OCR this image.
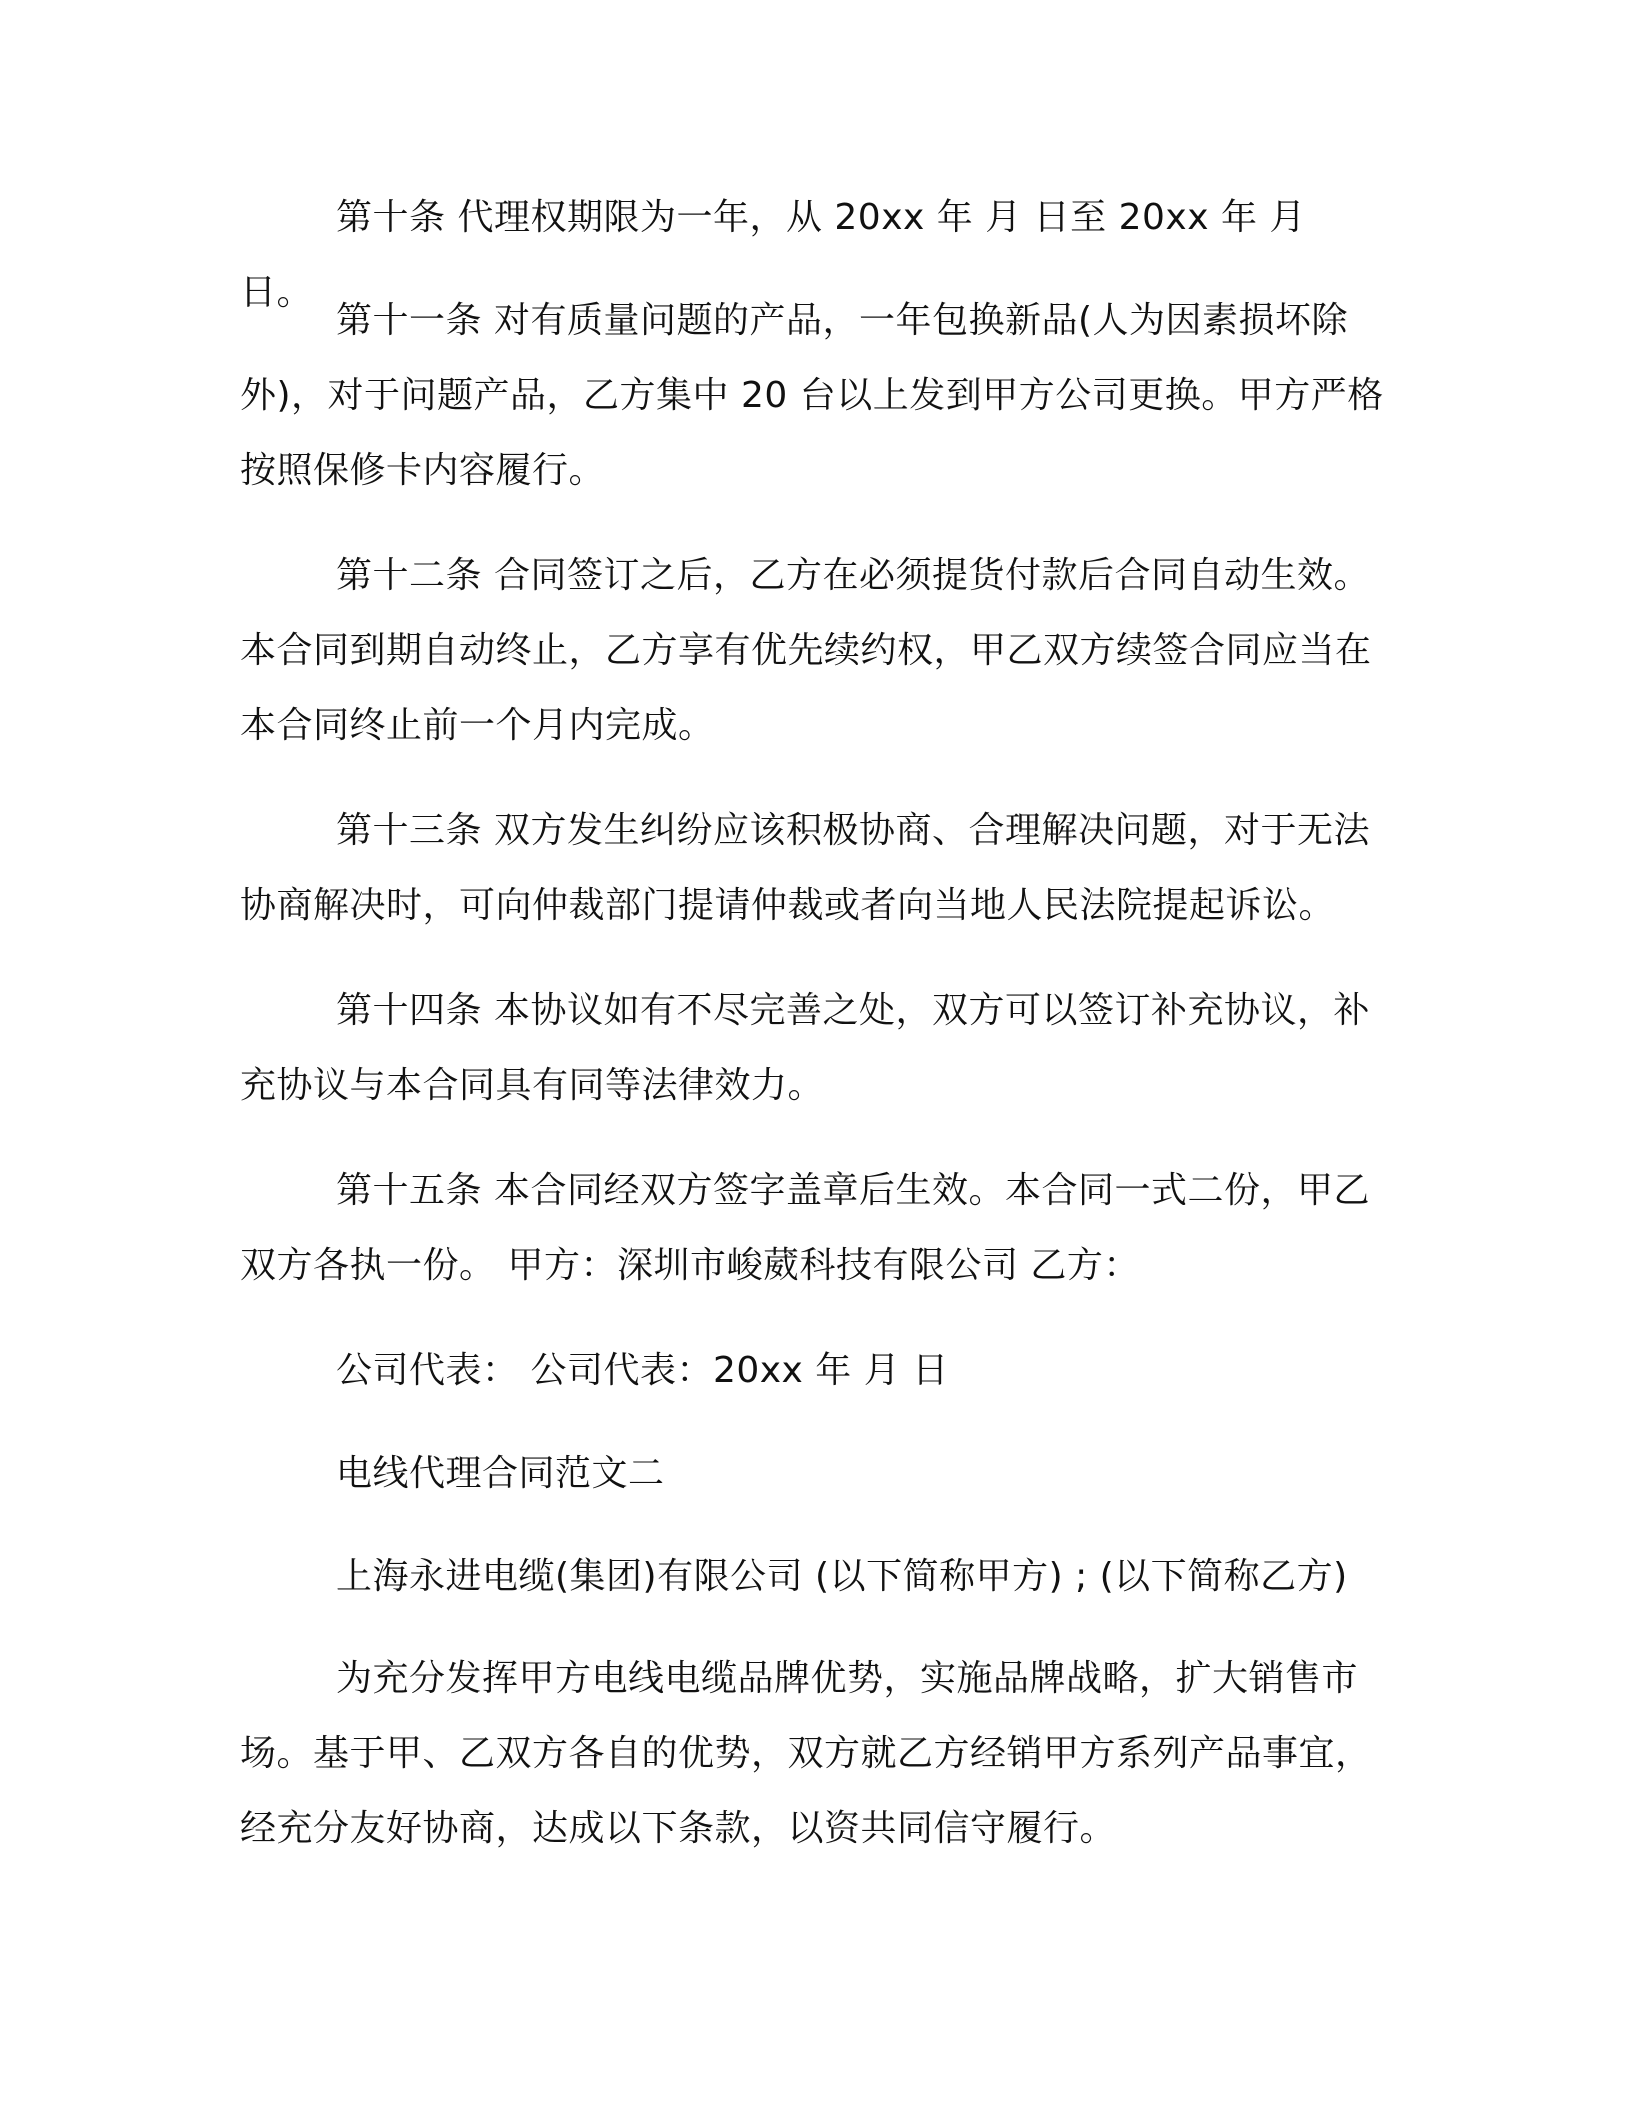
第十条 代理权期限为一年，从 20xx 年 月 日至 20xx 年 月 日。

第十一条 对有质量问题的产品，一年包换新品(人为因素损坏除外)，对于问题产品，乙方集中 20 台以上发到甲方公司更换。甲方严格按照保修卡内容履行。

第十二条 合同签订之后，乙方在必须提货付款后合同自动生效。本合同到期自动终止，乙方享有优先续约权，甲乙双方续签合同应当在本合同终止前一个月内完成。

第十三条 双方发生纠纷应该积极协商、合理解决问题，对于无法协商解决时，可向仲裁部门提请仲裁或者向当地人民法院提起诉讼。

第十四条 本协议如有不尽完善之处，双方可以签订补充协议，补充协议与本合同具有同等法律效力。

第十五条 本合同经双方签字盖章后生效。本合同一式二份，甲乙双方各执一份。 甲方：深圳市峻葳科技有限公司 乙方：

公司代表： 公司代表：20xx 年 月 日

电线代理合同范文二

上海永进电缆(集团)有限公司 (以下简称甲方) ; (以下简称乙方)

为充分发挥甲方电线电缆品牌优势，实施品牌战略，扩大销售市场。基于甲、乙双方各自的优势，双方就乙方经销甲方系列产品事宜，经充分友好协商，达成以下条款，以资共同信守履行。
